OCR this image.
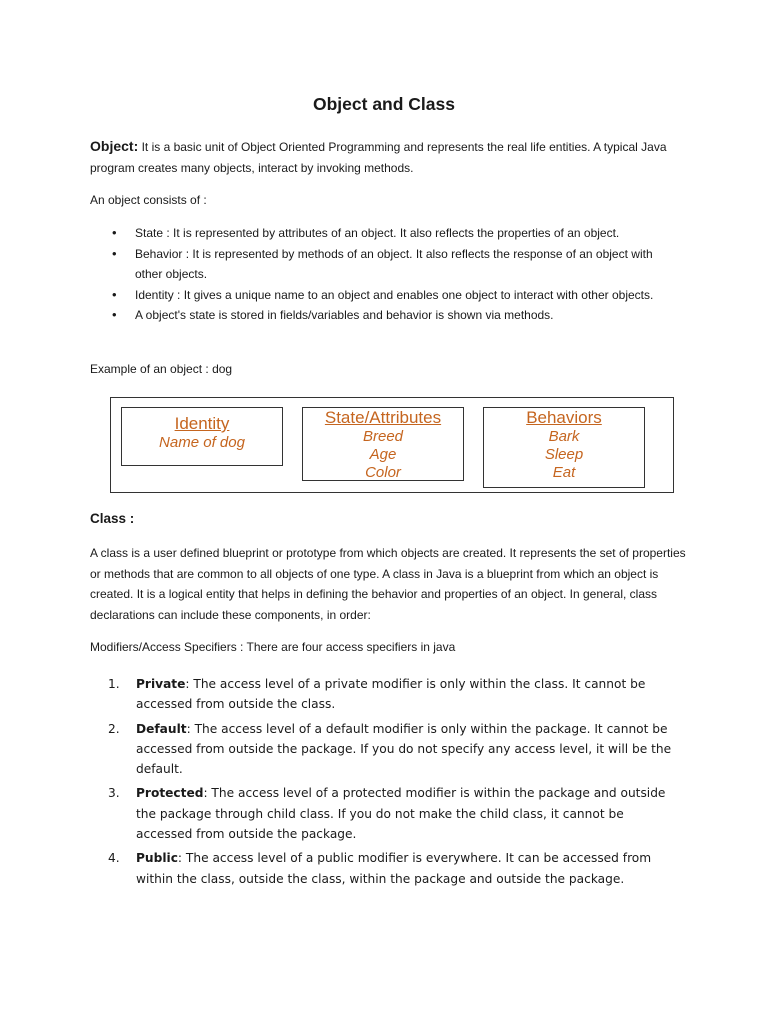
Object and Class
Object: It is a basic unit of Object Oriented Programming and represents the real life entities. A typical Java program creates many objects, interact by invoking methods.
An object consists of :
• State : It is represented by attributes of an object. It also reflects the properties of an object.
• Behavior : It is represented by methods of an object. It also reflects the response of an object with other objects.
• Identity : It gives a unique name to an object and enables one object to interact with other objects.
• A object's state is stored in fields/variables and behavior is shown via methods.
Example of an object : dog
Identity
Name of dog
State/Attributes
Breed
Age
Color
Behaviors
Bark
Sleep
Eat
Class :
A class is a user defined blueprint or prototype from which objects are created. It represents the set of properties or methods that are common to all objects of one type. A class in Java is a blueprint from which an object is created. It is a logical entity that helps in defining the behavior and properties of an object. In general, class declarations can include these components, in order:
Modifiers/Access Specifiers : There are four access specifiers in java
1. Private: The access level of a private modifier is only within the class. It cannot be accessed from outside the class.
2. Default: The access level of a default modifier is only within the package. It cannot be accessed from outside the package. If you do not specify any access level, it will be the default.
3. Protected: The access level of a protected modifier is within the package and outside the package through child class. If you do not make the child class, it cannot be accessed from outside the package.
4. Public: The access level of a public modifier is everywhere. It can be accessed from within the class, outside the class, within the package and outside the package.
